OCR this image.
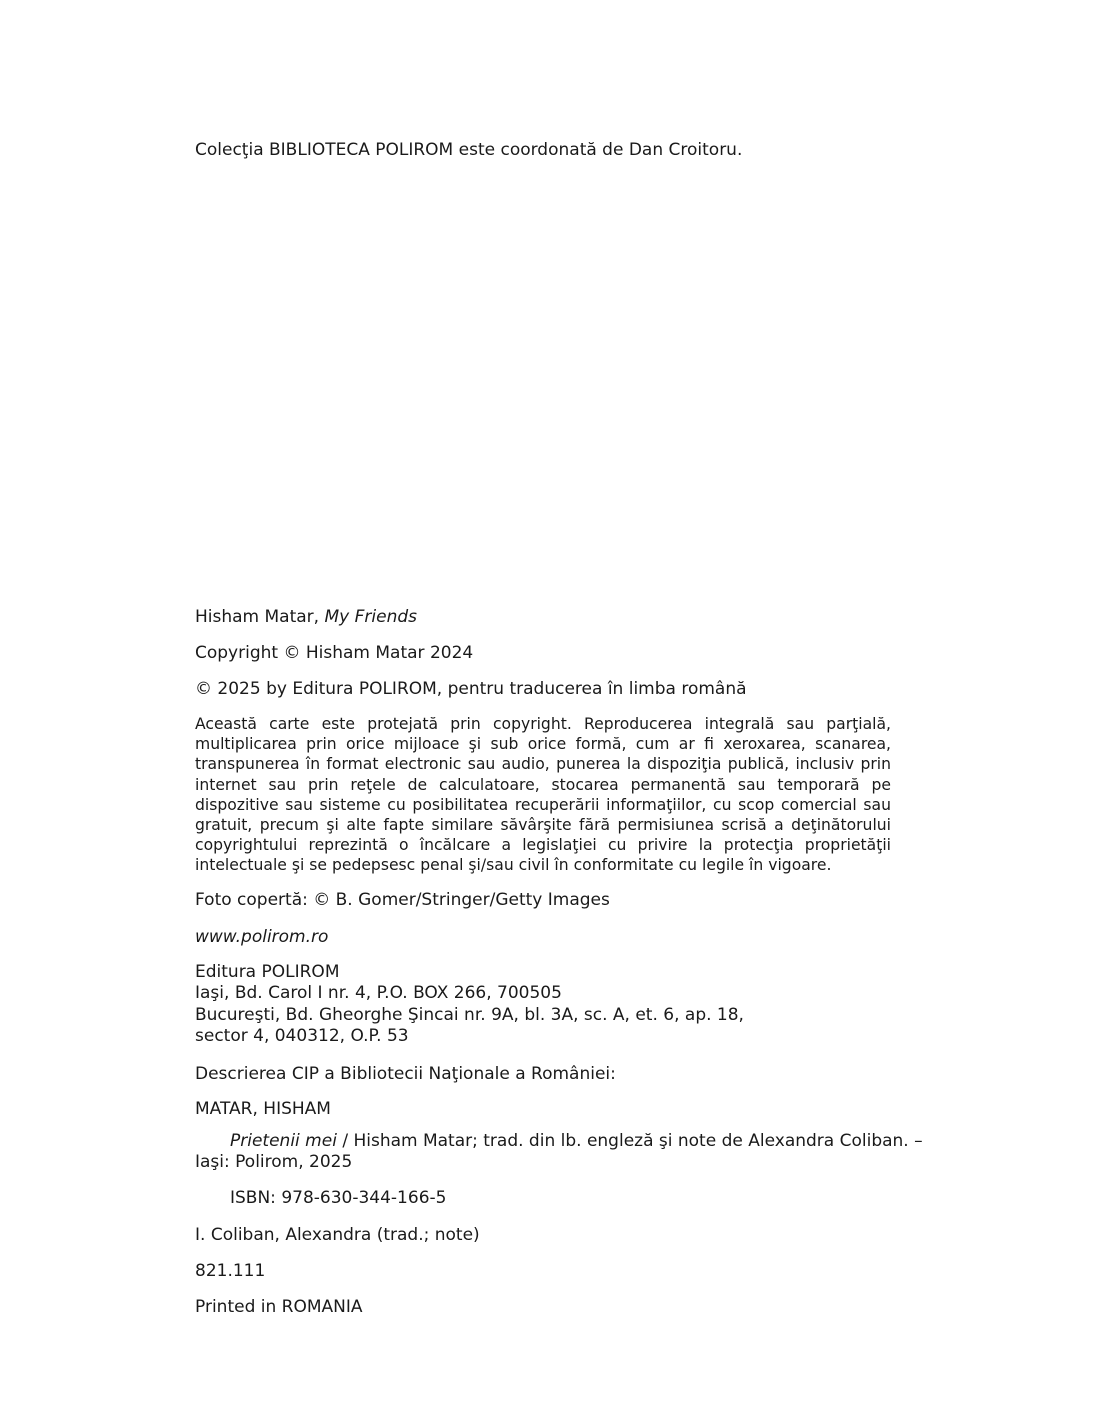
Colecţia BIBLIOTECA POLIROM este coordonată de Dan Croitoru.
Hisham Matar, My Friends
Copyright © Hisham Matar 2024
© 2025 by Editura POLIROM, pentru traducerea în limba română
Această carte este protejată prin copyright. Reproducerea integrală sau parţială, multiplicarea prin orice mijloace şi sub orice formă, cum ar fi xeroxarea, scanarea, transpunerea în format electronic sau audio, punerea la dispoziţia publică, inclusiv prin internet sau prin reţele de calculatoare, stocarea permanentă sau temporară pe dispozitive sau sisteme cu posibilitatea recuperării informaţiilor, cu scop comercial sau gratuit, precum şi alte fapte similare săvârşite fără permisiunea scrisă a deţinătorului copyrightului reprezintă o încălcare a legislaţiei cu privire la protecţia proprietăţii intelectuale şi se pedepsesc penal şi/sau civil în conformitate cu legile în vigoare.
Foto copertă: © B. Gomer/Stringer/Getty Images
www.polirom.ro
Editura POLIROM
Iaşi, Bd. Carol I nr. 4, P.O. BOX 266, 700505
Bucureşti, Bd. Gheorghe Şincai nr. 9A, bl. 3A, sc. A, et. 6, ap. 18,
sector 4, 040312, O.P. 53
Descrierea CIP a Bibliotecii Naţionale a României:
MATAR, HISHAM
Prietenii mei / Hisham Matar; trad. din lb. engleză şi note de Alexandra Coliban. –
Iaşi: Polirom, 2025
ISBN: 978-630-344-166-5
I. Coliban, Alexandra (trad.; note)
821.111
Printed in ROMANIA
